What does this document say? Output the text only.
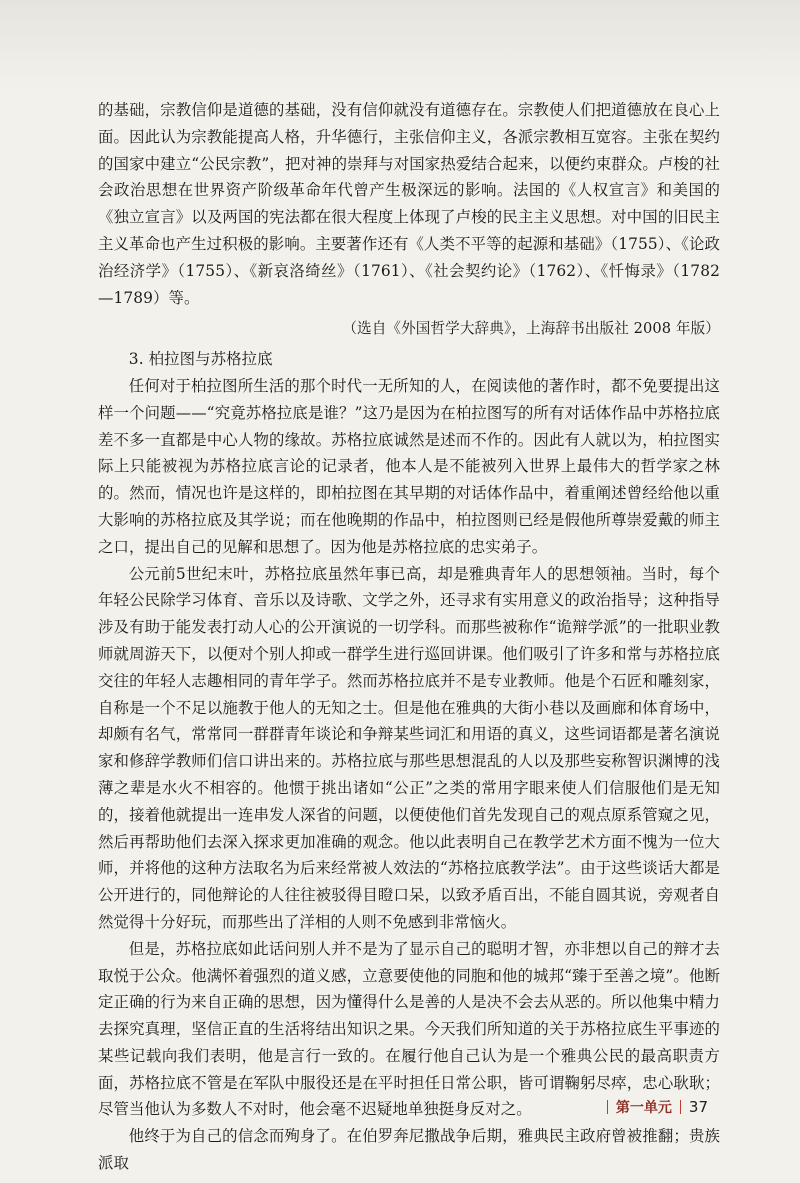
的基础，宗教信仰是道德的基础，没有信仰就没有道德存在。宗教使人们把道德放在良心上面。因此认为宗教能提高人格，升华德行，主张信仰主义，各派宗教相互宽容。主张在契约的国家中建立“公民宗教”，把对神的崇拜与对国家热爱结合起来，以便约束群众。卢梭的社会政治思想在世界资产阶级革命年代曾产生极深远的影响。法国的《人权宣言》和美国的《独立宣言》以及两国的宪法都在很大程度上体现了卢梭的民主主义思想。对中国的旧民主主义革命也产生过积极的影响。主要著作还有《人类不平等的起源和基础》（1755）、《论政治经济学》（1755）、《新哀洛绮丝》（1761）、《社会契约论》（1762）、《忏悔录》（1782—1789）等。

（选自《外国哲学大辞典》，上海辞书出版社 2008 年版）

3. 柏拉图与苏格拉底

任何对于柏拉图所生活的那个时代一无所知的人，在阅读他的著作时，都不免要提出这样一个问题——“究竟苏格拉底是谁？”这乃是因为在柏拉图写的所有对话体作品中苏格拉底差不多一直都是中心人物的缘故。苏格拉底诚然是述而不作的。因此有人就以为，柏拉图实际上只能被视为苏格拉底言论的记录者，他本人是不能被列入世界上最伟大的哲学家之林的。然而，情况也许是这样的，即柏拉图在其早期的对话体作品中，着重阐述曾经给他以重大影响的苏格拉底及其学说；而在他晚期的作品中，柏拉图则已经是假他所尊崇爱戴的师主之口，提出自己的见解和思想了。因为他是苏格拉底的忠实弟子。

公元前5世纪末叶，苏格拉底虽然年事已高，却是雅典青年人的思想领袖。当时，每个年轻公民除学习体育、音乐以及诗歌、文学之外，还寻求有实用意义的政治指导；这种指导涉及有助于能发表打动人心的公开演说的一切学科。而那些被称作“诡辩学派”的一批职业教师就周游天下，以便对个别人抑或一群学生进行巡回讲课。他们吸引了许多和常与苏格拉底交往的年轻人志趣相同的青年学子。然而苏格拉底并不是专业教师。他是个石匠和雕刻家，自称是一个不足以施教于他人的无知之士。但是他在雅典的大街小巷以及画廊和体育场中，却颇有名气，常常同一群群青年谈论和争辩某些词汇和用语的真义，这些词语都是著名演说家和修辞学教师们信口讲出来的。苏格拉底与那些思想混乱的人以及那些妄称智识渊博的浅薄之辈是水火不相容的。他惯于挑出诸如“公正”之类的常用字眼来使人们信服他们是无知的，接着他就提出一连串发人深省的问题，以便使他们首先发现自己的观点原系管窥之见，然后再帮助他们去深入探求更加准确的观念。他以此表明自己在教学艺术方面不愧为一位大师，并将他的这种方法取名为后来经常被人效法的“苏格拉底教学法”。由于这些谈话大都是公开进行的，同他辩论的人往往被驳得目瞪口呆，以致矛盾百出，不能自圆其说，旁观者自然觉得十分好玩，而那些出了洋相的人则不免感到非常恼火。

但是，苏格拉底如此话问别人并不是为了显示自己的聪明才智，亦非想以自己的辩才去取悦于公众。他满怀着强烈的道义感，立意要使他的同胞和他的城邦“臻于至善之境”。他断定正确的行为来自正确的思想，因为懂得什么是善的人是决不会去从恶的。所以他集中精力去探究真理，坚信正直的生活将结出知识之果。今天我们所知道的关于苏格拉底生平事迹的某些记载向我们表明，他是言行一致的。在履行他自己认为是一个雅典公民的最高职责方面，苏格拉底不管是在军队中服役还是在平时担任日常公职，皆可谓鞠躬尽瘁，忠心耿耿；尽管当他认为多数人不对时，他会毫不迟疑地单独挺身反对之。

他终于为自己的信念而殉身了。在伯罗奔尼撒战争后期，雅典民主政府曾被推翻；贵族派取

第一单元 37
